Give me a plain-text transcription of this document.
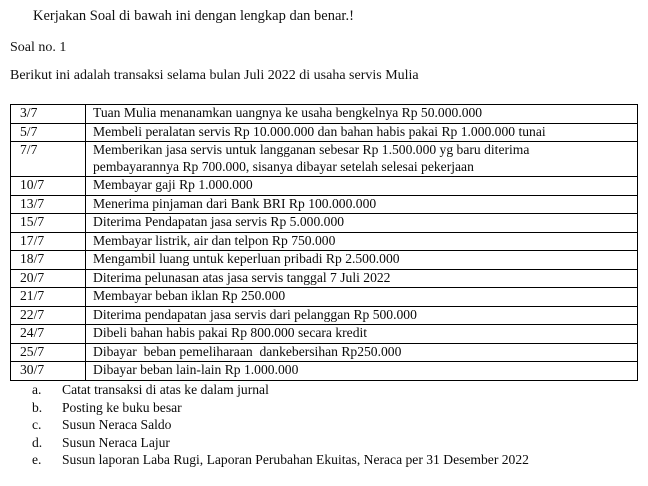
Kerjakan Soal di bawah ini dengan lengkap dan benar.!
Soal no. 1
Berikut ini adalah transaksi selama bulan Juli 2022 di usaha servis Mulia
3/7	Tuan Mulia menanamkan uangnya ke usaha bengkelnya Rp 50.000.000

5/7	Membeli peralatan servis Rp 10.000.000 dan bahan habis pakai Rp 1.000.000 tunai

7/7	Memberikan jasa servis untuk langganan sebesar Rp 1.500.000 yg baru diterima
pembayarannya Rp 700.000, sisanya dibayar setelah selesai pekerjaan

10/7	Membayar gaji Rp 1.000.000

13/7	Menerima pinjaman dari Bank BRI Rp 100.000.000

15/7	Diterima Pendapatan jasa servis Rp 5.000.000

17/7	Membayar listrik, air dan telpon Rp 750.000

18/7	Mengambil luang untuk keperluan pribadi Rp 2.500.000

20/7	Diterima pelunasan atas jasa servis tanggal 7 Juli 2022

21/7	Membayar beban iklan Rp 250.000

22/7	Diterima pendapatan jasa servis dari pelanggan Rp 500.000

24/7	Dibeli bahan habis pakai Rp 800.000 secara kredit

25/7	Dibayar  beban pemeliharaan  dankebersihan Rp250.000

30/7	Dibayar beban lain-lain Rp 1.000.000
a.	Catat transaksi di atas ke dalam jurnal
b.	Posting ke buku besar
c.	Susun Neraca Saldo
d.	Susun Neraca Lajur
e.	Susun laporan Laba Rugi, Laporan Perubahan Ekuitas, Neraca per 31 Desember 2022
